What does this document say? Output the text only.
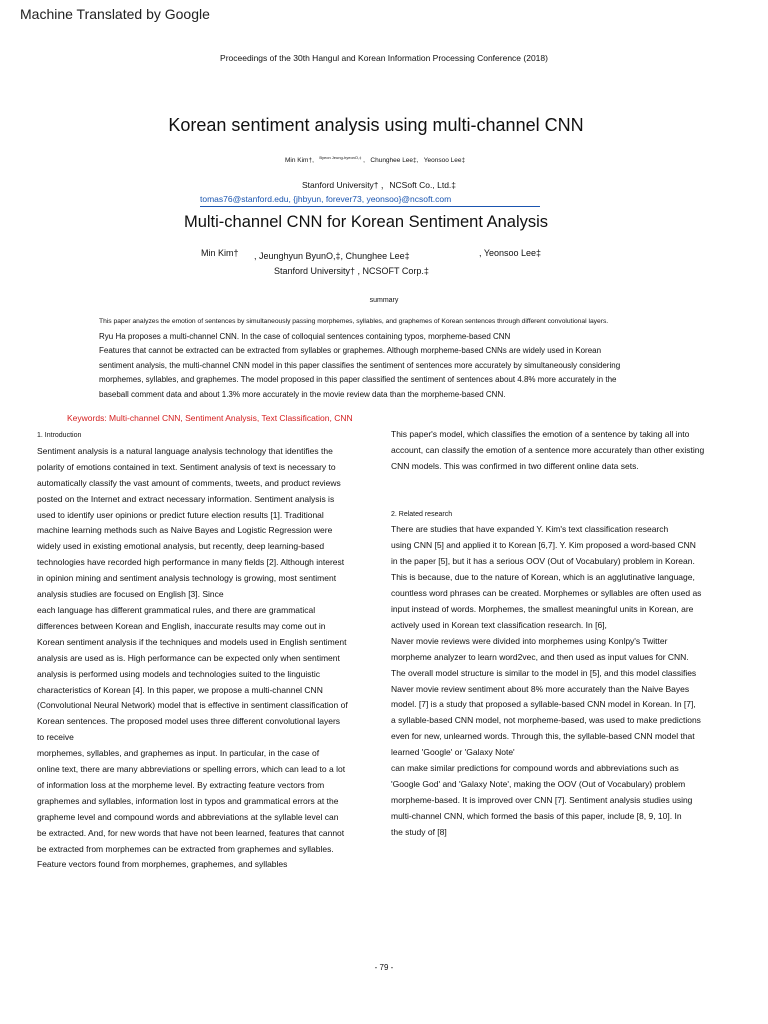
Machine Translated by Google
Proceedings of the 30th Hangul and Korean Information Processing Conference (2018)
Korean sentiment analysis using multi-channel CNN
Min Kim†,   $^{Byeon Jeung-hyeonO,\ddagger}$ ,   Chunghee Lee‡,   Yeonsoo Lee‡
Stanford University† ，NCSoft Co., Ltd.‡
tomas76@stanford.edu, {jhbyun, forever73, yeonsoo}@ncsoft.com
Multi-channel CNN for Korean Sentiment Analysis
Min Kim† , Jeunghyun ByunO,‡, Chunghee Lee‡	, Yeonsoo Lee‡
Stanford University† , NCSOFT Corp.‡
summary
This paper analyzes the emotion of sentences by simultaneously passing morphemes, syllables, and graphemes of Korean sentences through different convolutional layers.
Ryu Ha proposes a multi-channel CNN. In the case of colloquial sentences containing typos, morpheme-based CNN
Features that cannot be extracted can be extracted from syllables or graphemes. Although morpheme-based CNNs are widely used in Korean
sentiment analysis, the multi-channel CNN model in this paper classifies the sentiment of sentences more accurately by simultaneously considering
morphemes, syllables, and graphemes. The model proposed in this paper classified the sentiment of sentences about 4.8% more accurately in the
baseball comment data and about 1.3% more accurately in the movie review data than the morpheme-based CNN.
Keywords: Multi-channel CNN, Sentiment Analysis, Text Classification, CNN
1. Introduction
Sentiment analysis is a natural language analysis technology that identifies the
polarity of emotions contained in text. Sentiment analysis of text is necessary to
automatically classify the vast amount of comments, tweets, and product reviews
posted on the Internet and extract necessary information. Sentiment analysis is
used to identify user opinions or predict future election results [1]. Traditional
machine learning methods such as Naive Bayes and Logistic Regression were
widely used in existing emotional analysis, but recently, deep learning-based
technologies have recorded high performance in many fields [2]. Although interest
in opinion mining and sentiment analysis technology is growing, most sentiment
analysis studies are focused on English [3]. Since
each language has different grammatical rules, and there are grammatical
differences between Korean and English, inaccurate results may come out in
Korean sentiment analysis if the techniques and models used in English sentiment
analysis are used as is. High performance can be expected only when sentiment
analysis is performed using models and technologies suited to the linguistic
characteristics of Korean [4]. In this paper, we propose a multi-channel CNN
(Convolutional Neural Network) model that is effective in sentiment classification of
Korean sentences. The proposed model uses three different convolutional layers
to receive
morphemes, syllables, and graphemes as input. In particular, in the case of
online text, there are many abbreviations or spelling errors, which can lead to a lot
of information loss at the morpheme level. By extracting feature vectors from
graphemes and syllables, information lost in typos and grammatical errors at the
grapheme level and compound words and abbreviations at the syllable level can
be extracted. And, for new words that have not been learned, features that cannot
be extracted from morphemes can be extracted from graphemes and syllables.
Feature vectors found from morphemes, graphemes, and syllables
This paper's model, which classifies the emotion of a sentence by taking all into
account, can classify the emotion of a sentence more accurately than other existing
CNN models. This was confirmed in two different online data sets.

2. Related research
There are studies that have expanded Y. Kim's text classification research
using CNN [5] and applied it to Korean [6,7]. Y. Kim proposed a word-based CNN
in the paper [5], but it has a serious OOV (Out of Vocabulary) problem in Korean.
This is because, due to the nature of Korean, which is an agglutinative language,
countless word phrases can be created. Morphemes or syllables are often used as
input instead of words. Morphemes, the smallest meaningful units in Korean, are
actively used in Korean text classification research. In [6],
Naver movie reviews were divided into morphemes using Konlpy's Twitter
morpheme analyzer to learn word2vec, and then used as input values for CNN.
The overall model structure is similar to the model in [5], and this model classifies
Naver movie review sentiment about 8% more accurately than the Naive Bayes
model. [7] is a study that proposed a syllable-based CNN model in Korean. In [7],
a syllable-based CNN model, not morpheme-based, was used to make predictions
even for new, unlearned words. Through this, the syllable-based CNN model that
learned 'Google' or 'Galaxy Note'
can make similar predictions for compound words and abbreviations such as
'Google God' and 'Galaxy Note', making the OOV (Out of Vocabulary) problem
morpheme-based. It is improved over CNN [7]. Sentiment analysis studies using
multi-channel CNN, which formed the basis of this paper, include [8, 9, 10]. In
the study of [8]
- 79 -
